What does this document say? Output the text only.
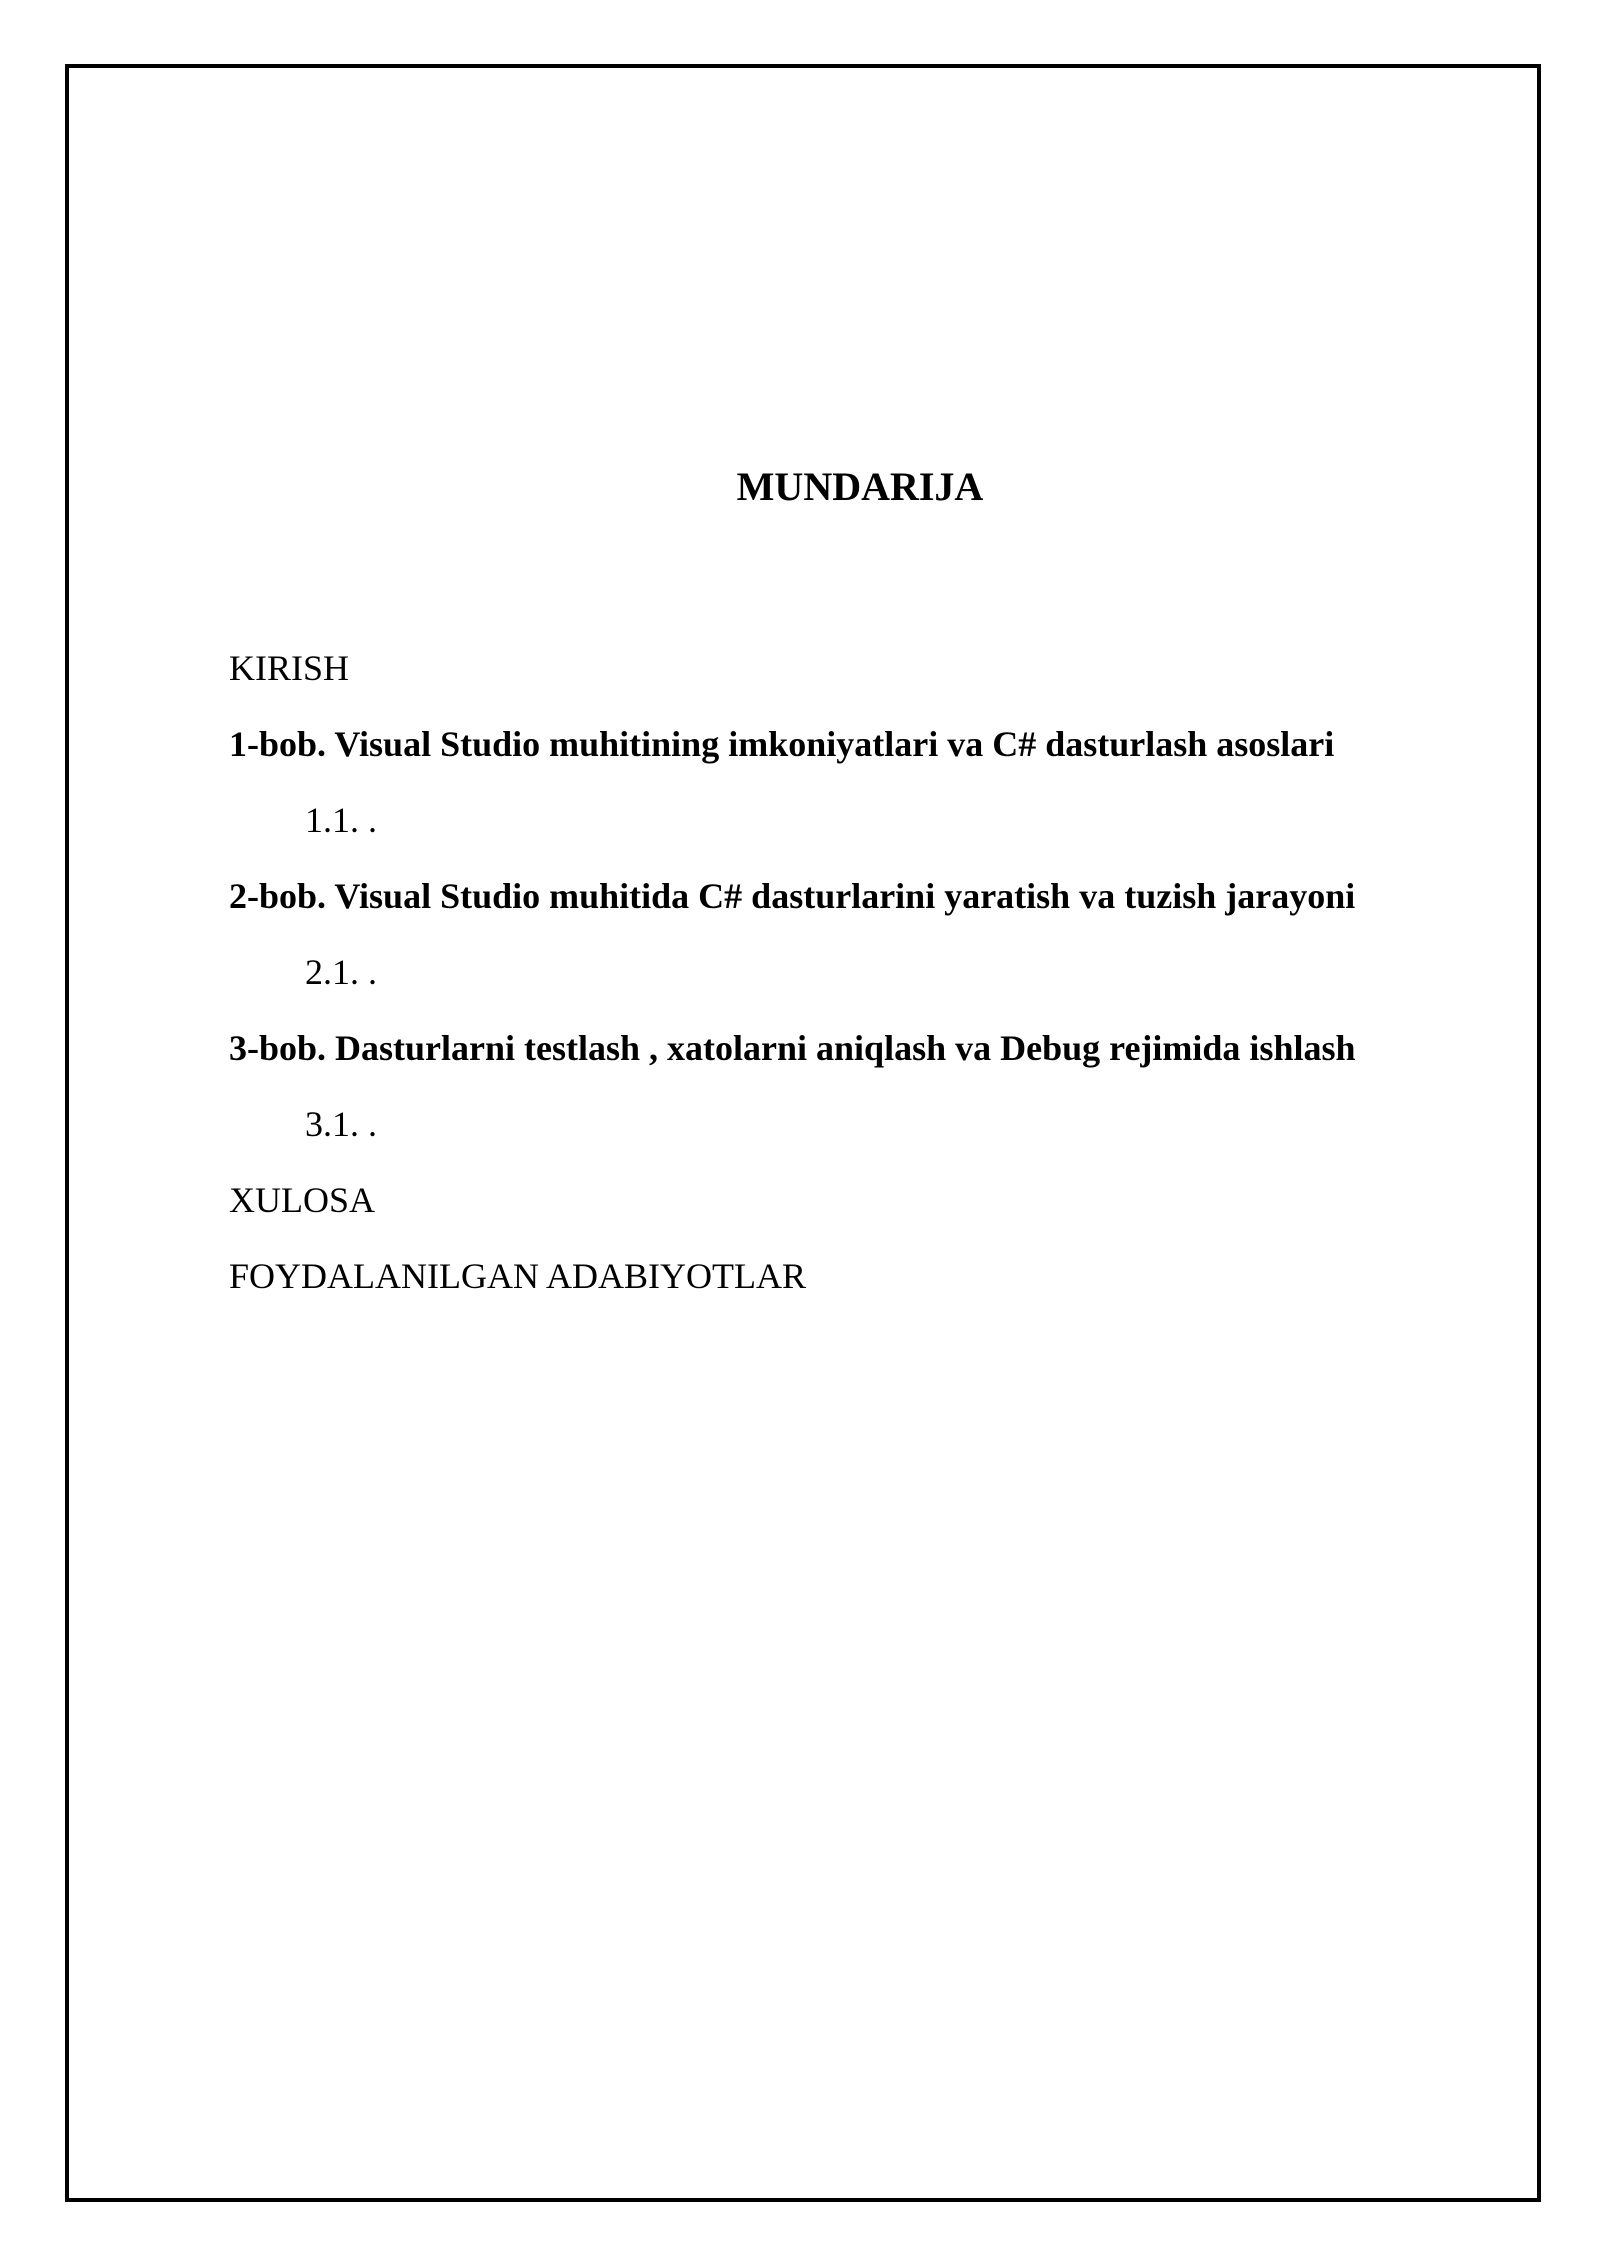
MUNDARIJA
KIRISH
1-bob. Visual Studio muhitining imkoniyatlari va C# dasturlash asoslari
1.1. .
2-bob. Visual Studio muhitida C# dasturlarini yaratish va tuzish jarayoni
2.1. .
3-bob. Dasturlarni testlash , xatolarni aniqlash va Debug rejimida ishlash
3.1. .
XULOSA
FOYDALANILGAN ADABIYOTLAR
